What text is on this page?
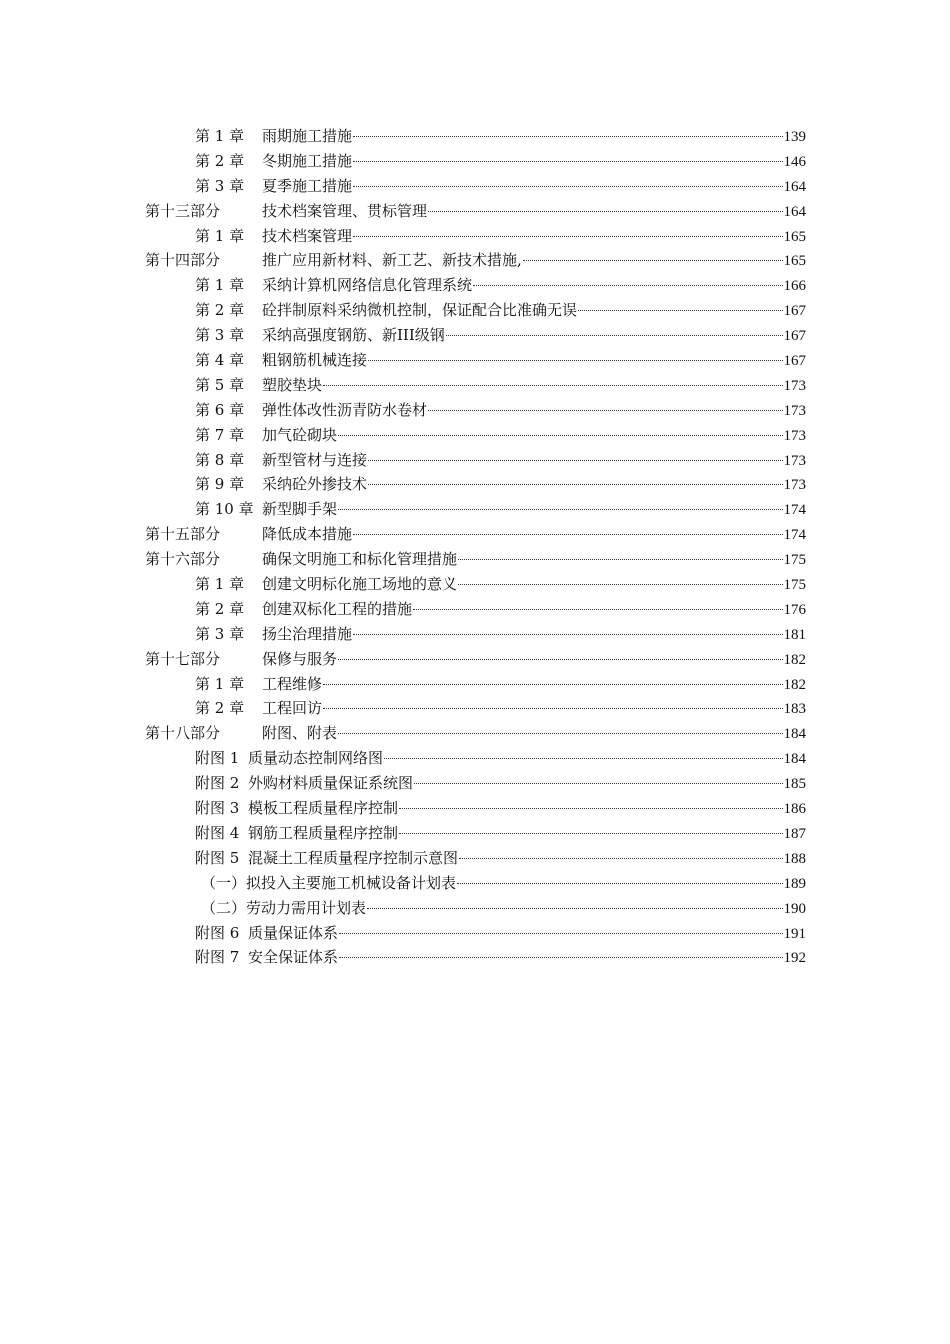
第 1 章	雨期施工措施	139
第 2 章	冬期施工措施	146
第 3 章	夏季施工措施	164
第十三部分	技术档案管理、贯标管理	164
第 1 章	技术档案管理	165
第十四部分	推广应用新材料、新工艺、新技术措施,	165
第 1 章	采纳计算机网络信息化管理系统	166
第 2 章	砼拌制原料采纳微机控制，保证配合比准确无误	167
第 3 章	采纳高强度钢筋、新III级钢	167
第 4 章	粗钢筋机械连接	167
第 5 章	塑胶垫块	173
第 6 章	弹性体改性沥青防水卷材	173
第 7 章	加气砼砌块	173
第 8 章	新型管材与连接	173
第 9 章	采纳砼外掺技术	173
第 10 章 新型脚手架	174
第十五部分	降低成本措施	174
第十六部分	确保文明施工和标化管理措施	175
第 1 章	创建文明标化施工场地的意义	175
第 2 章	创建双标化工程的措施	176
第 3 章	扬尘治理措施	181
第十七部分	保修与服务	182
第 1 章	工程维修	182
第 2 章	工程回访	183
第十八部分	附图、附表	184
附图 1 质量动态控制网络图	184
附图 2 外购材料质量保证系统图	185
附图 3 模板工程质量程序控制	186
附图 4 钢筋工程质量程序控制	187
附图 5 混凝土工程质量程序控制示意图	188
（一）拟投入主要施工机械设备计划表	189
（二）劳动力需用计划表	190
附图 6 质量保证体系	191
附图 7 安全保证体系	192
